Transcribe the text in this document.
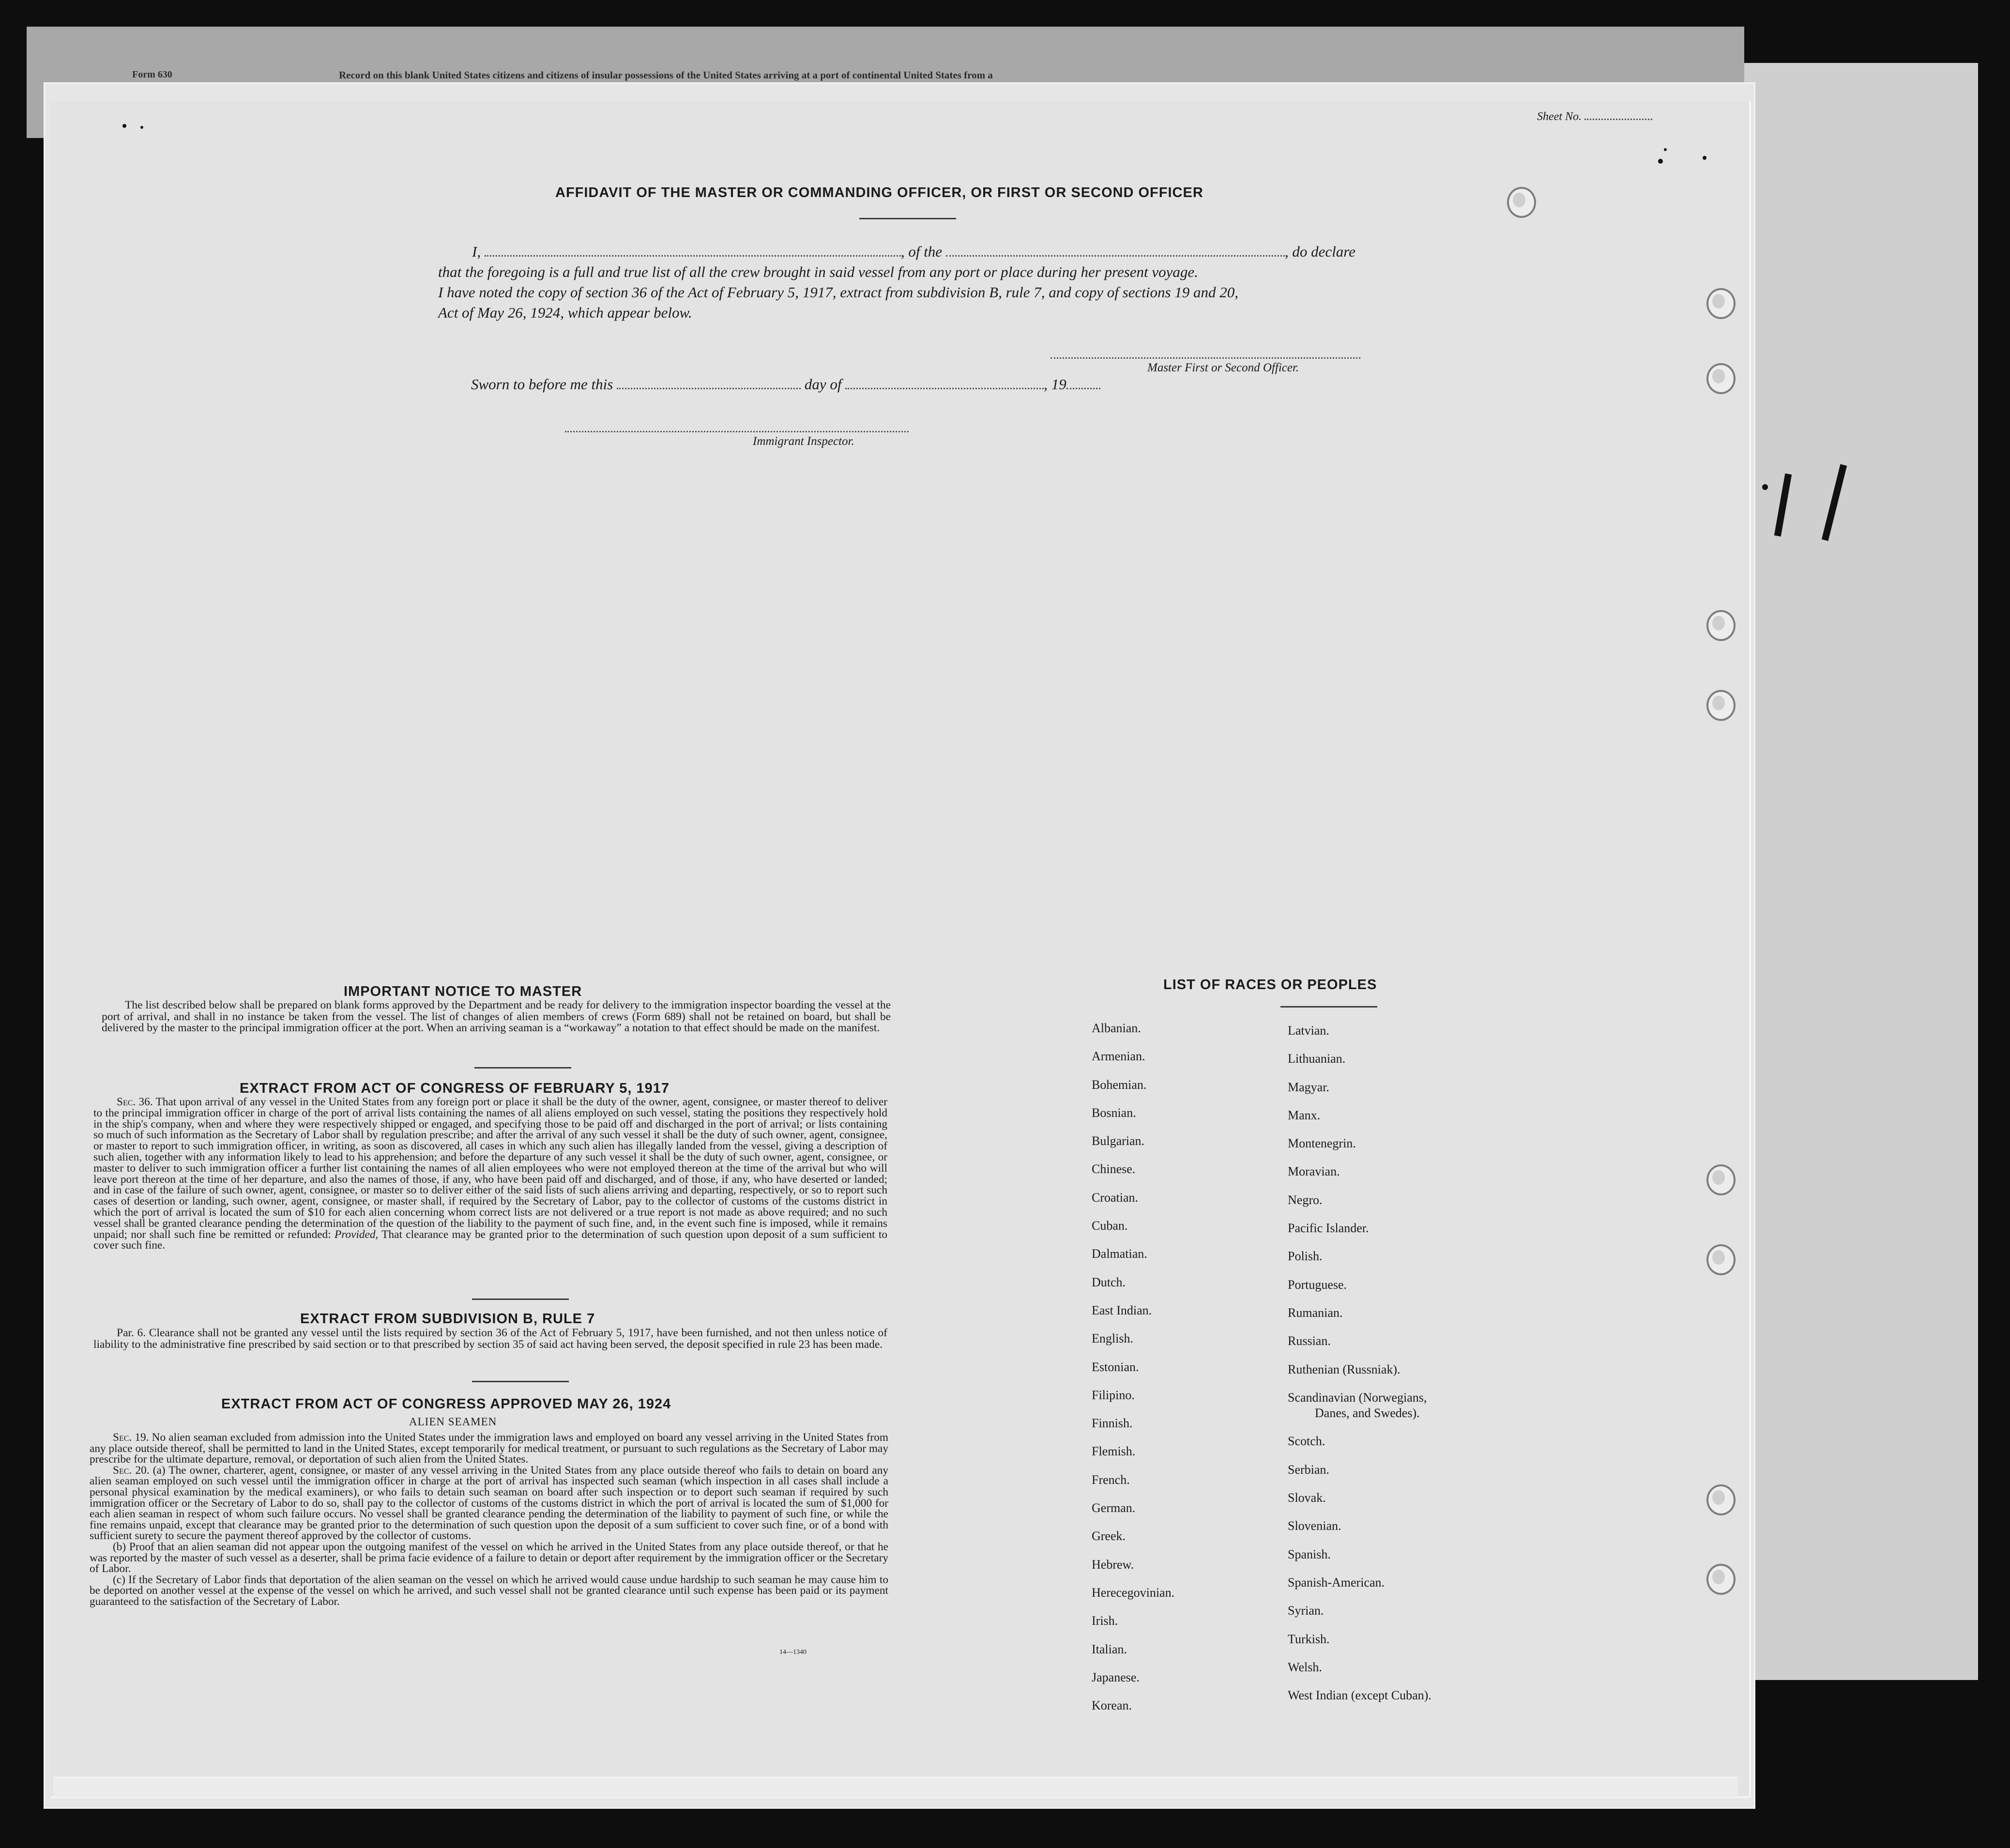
Form 630	Record on this blank United States citizens and citizens of insular possessions of the United States arriving at a port of continental United States from a
Sheet No.
AFFIDAVIT OF THE MASTER OR COMMANDING OFFICER, OR FIRST OR SECOND OFFICER
I,	, of the	, do declare
that the foregoing is a full and true list of all the crew brought in said vessel from any port or place during her present voyage.
I have noted the copy of section 36 of the Act of February 5, 1917, extract from subdivision B, rule 7, and copy of sections 19 and 20,
Act of May 26, 1924, which appear below.
Master First or Second Officer.
Sworn to before me this	day of	, 19
Immigrant Inspector.
IMPORTANT NOTICE TO MASTER

The list described below shall be prepared on blank forms approved by the Department and be ready for delivery to the immigration inspector boarding the vessel at the port of arrival, and shall in no instance be taken from the vessel. The list of changes of alien members of crews (Form 689) shall not be retained on board, but shall be delivered by the master to the principal immigration officer at the port. When an arriving seaman is a “workaway” a notation to that effect should be made on the manifest.

EXTRACT FROM ACT OF CONGRESS OF FEBRUARY 5, 1917

Sec. 36. That upon arrival of any vessel in the United States from any foreign port or place it shall be the duty of the owner, agent, consignee, or master thereof to deliver to the principal immigration officer in charge of the port of arrival lists containing the names of all aliens employed on such vessel, stating the positions they respectively hold in the ship's company, when and where they were respectively shipped or engaged, and specifying those to be paid off and discharged in the port of arrival; or lists containing so much of such information as the Secretary of Labor shall by regulation prescribe; and after the arrival of any such vessel it shall be the duty of such owner, agent, consignee, or master to report to such immigration officer, in writing, as soon as discovered, all cases in which any such alien has illegally landed from the vessel, giving a description of such alien, together with any information likely to lead to his apprehension; and before the departure of any such vessel it shall be the duty of such owner, agent, consignee, or master to deliver to such immigration officer a further list containing the names of all alien employees who were not employed thereon at the time of the arrival but who will leave port thereon at the time of her departure, and also the names of those, if any, who have been paid off and discharged, and of those, if any, who have deserted or landed; and in case of the failure of such owner, agent, consignee, or master so to deliver either of the said lists of such aliens arriving and departing, respectively, or so to report such cases of desertion or landing, such owner, agent, consignee, or master shall, if required by the Secretary of Labor, pay to the collector of customs of the customs district in which the port of arrival is located the sum of $10 for each alien concerning whom correct lists are not delivered or a true report is not made as above required; and no such vessel shall be granted clearance pending the determination of the question of the liability to the payment of such fine, and, in the event such fine is imposed, while it remains unpaid; nor shall such fine be remitted or refunded: Provided, That clearance may be granted prior to the determination of such question upon deposit of a sum sufficient to cover such fine.

EXTRACT FROM SUBDIVISION B, RULE 7

Par. 6. Clearance shall not be granted any vessel until the lists required by section 36 of the Act of February 5, 1917, have been furnished, and not then unless notice of liability to the administrative fine prescribed by said section or to that prescribed by section 35 of said act having been served, the deposit specified in rule 23 has been made.

EXTRACT FROM ACT OF CONGRESS APPROVED MAY 26, 1924
ALIEN SEAMEN

Sec. 19. No alien seaman excluded from admission into the United States under the immigration laws and employed on board any vessel arriving in the United States from any place outside thereof, shall be permitted to land in the United States, except temporarily for medical treatment, or pursuant to such regulations as the Secretary of Labor may prescribe for the ultimate departure, removal, or deportation of such alien from the United States.

Sec. 20. (a) The owner, charterer, agent, consignee, or master of any vessel arriving in the United States from any place outside thereof who fails to detain on board any alien seaman employed on such vessel until the immigration officer in charge at the port of arrival has inspected such seaman (which inspection in all cases shall include a personal physical examination by the medical examiners), or who fails to detain such seaman on board after such inspection or to deport such seaman if required by such immigration officer or the Secretary of Labor to do so, shall pay to the collector of customs of the customs district in which the port of arrival is located the sum of $1,000 for each alien seaman in respect of whom such failure occurs. No vessel shall be granted clearance pending the determination of the liability to payment of such fine, or while the fine remains unpaid, except that clearance may be granted prior to the determination of such question upon the deposit of a sum sufficient to cover such fine, or of a bond with sufficient surety to secure the payment thereof approved by the collector of customs.

(b) Proof that an alien seaman did not appear upon the outgoing manifest of the vessel on which he arrived in the United States from any place outside thereof, or that he was reported by the master of such vessel as a deserter, shall be prima facie evidence of a failure to detain or deport after requirement by the immigration officer or the Secretary of Labor.

(c) If the Secretary of Labor finds that deportation of the alien seaman on the vessel on which he arrived would cause undue hardship to such seaman he may cause him to be deported on another vessel at the expense of the vessel on which he arrived, and such vessel shall not be granted clearance until such expense has been paid or its payment guaranteed to the satisfaction of the Secretary of Labor.

14—1340
LIST OF RACES OR PEOPLES
Albanian.
Armenian.
Bohemian.
Bosnian.
Bulgarian.
Chinese.
Croatian.
Cuban.
Dalmatian.
Dutch.
East Indian.
English.
Estonian.
Filipino.
Finnish.
Flemish.
French.
German.
Greek.
Hebrew.
Herecegovinian.
Irish.
Italian.
Japanese.
Korean.
Latvian.
Lithuanian.
Magyar.
Manx.
Montenegrin.
Moravian.
Negro.
Pacific Islander.
Polish.
Portuguese.
Rumanian.
Russian.
Ruthenian (Russniak).
Scandinavian (Norwegians,
Danes, and Swedes).
Scotch.
Serbian.
Slovak.
Slovenian.
Spanish.
Spanish-American.
Syrian.
Turkish.
Welsh.
West Indian (except Cuban).
